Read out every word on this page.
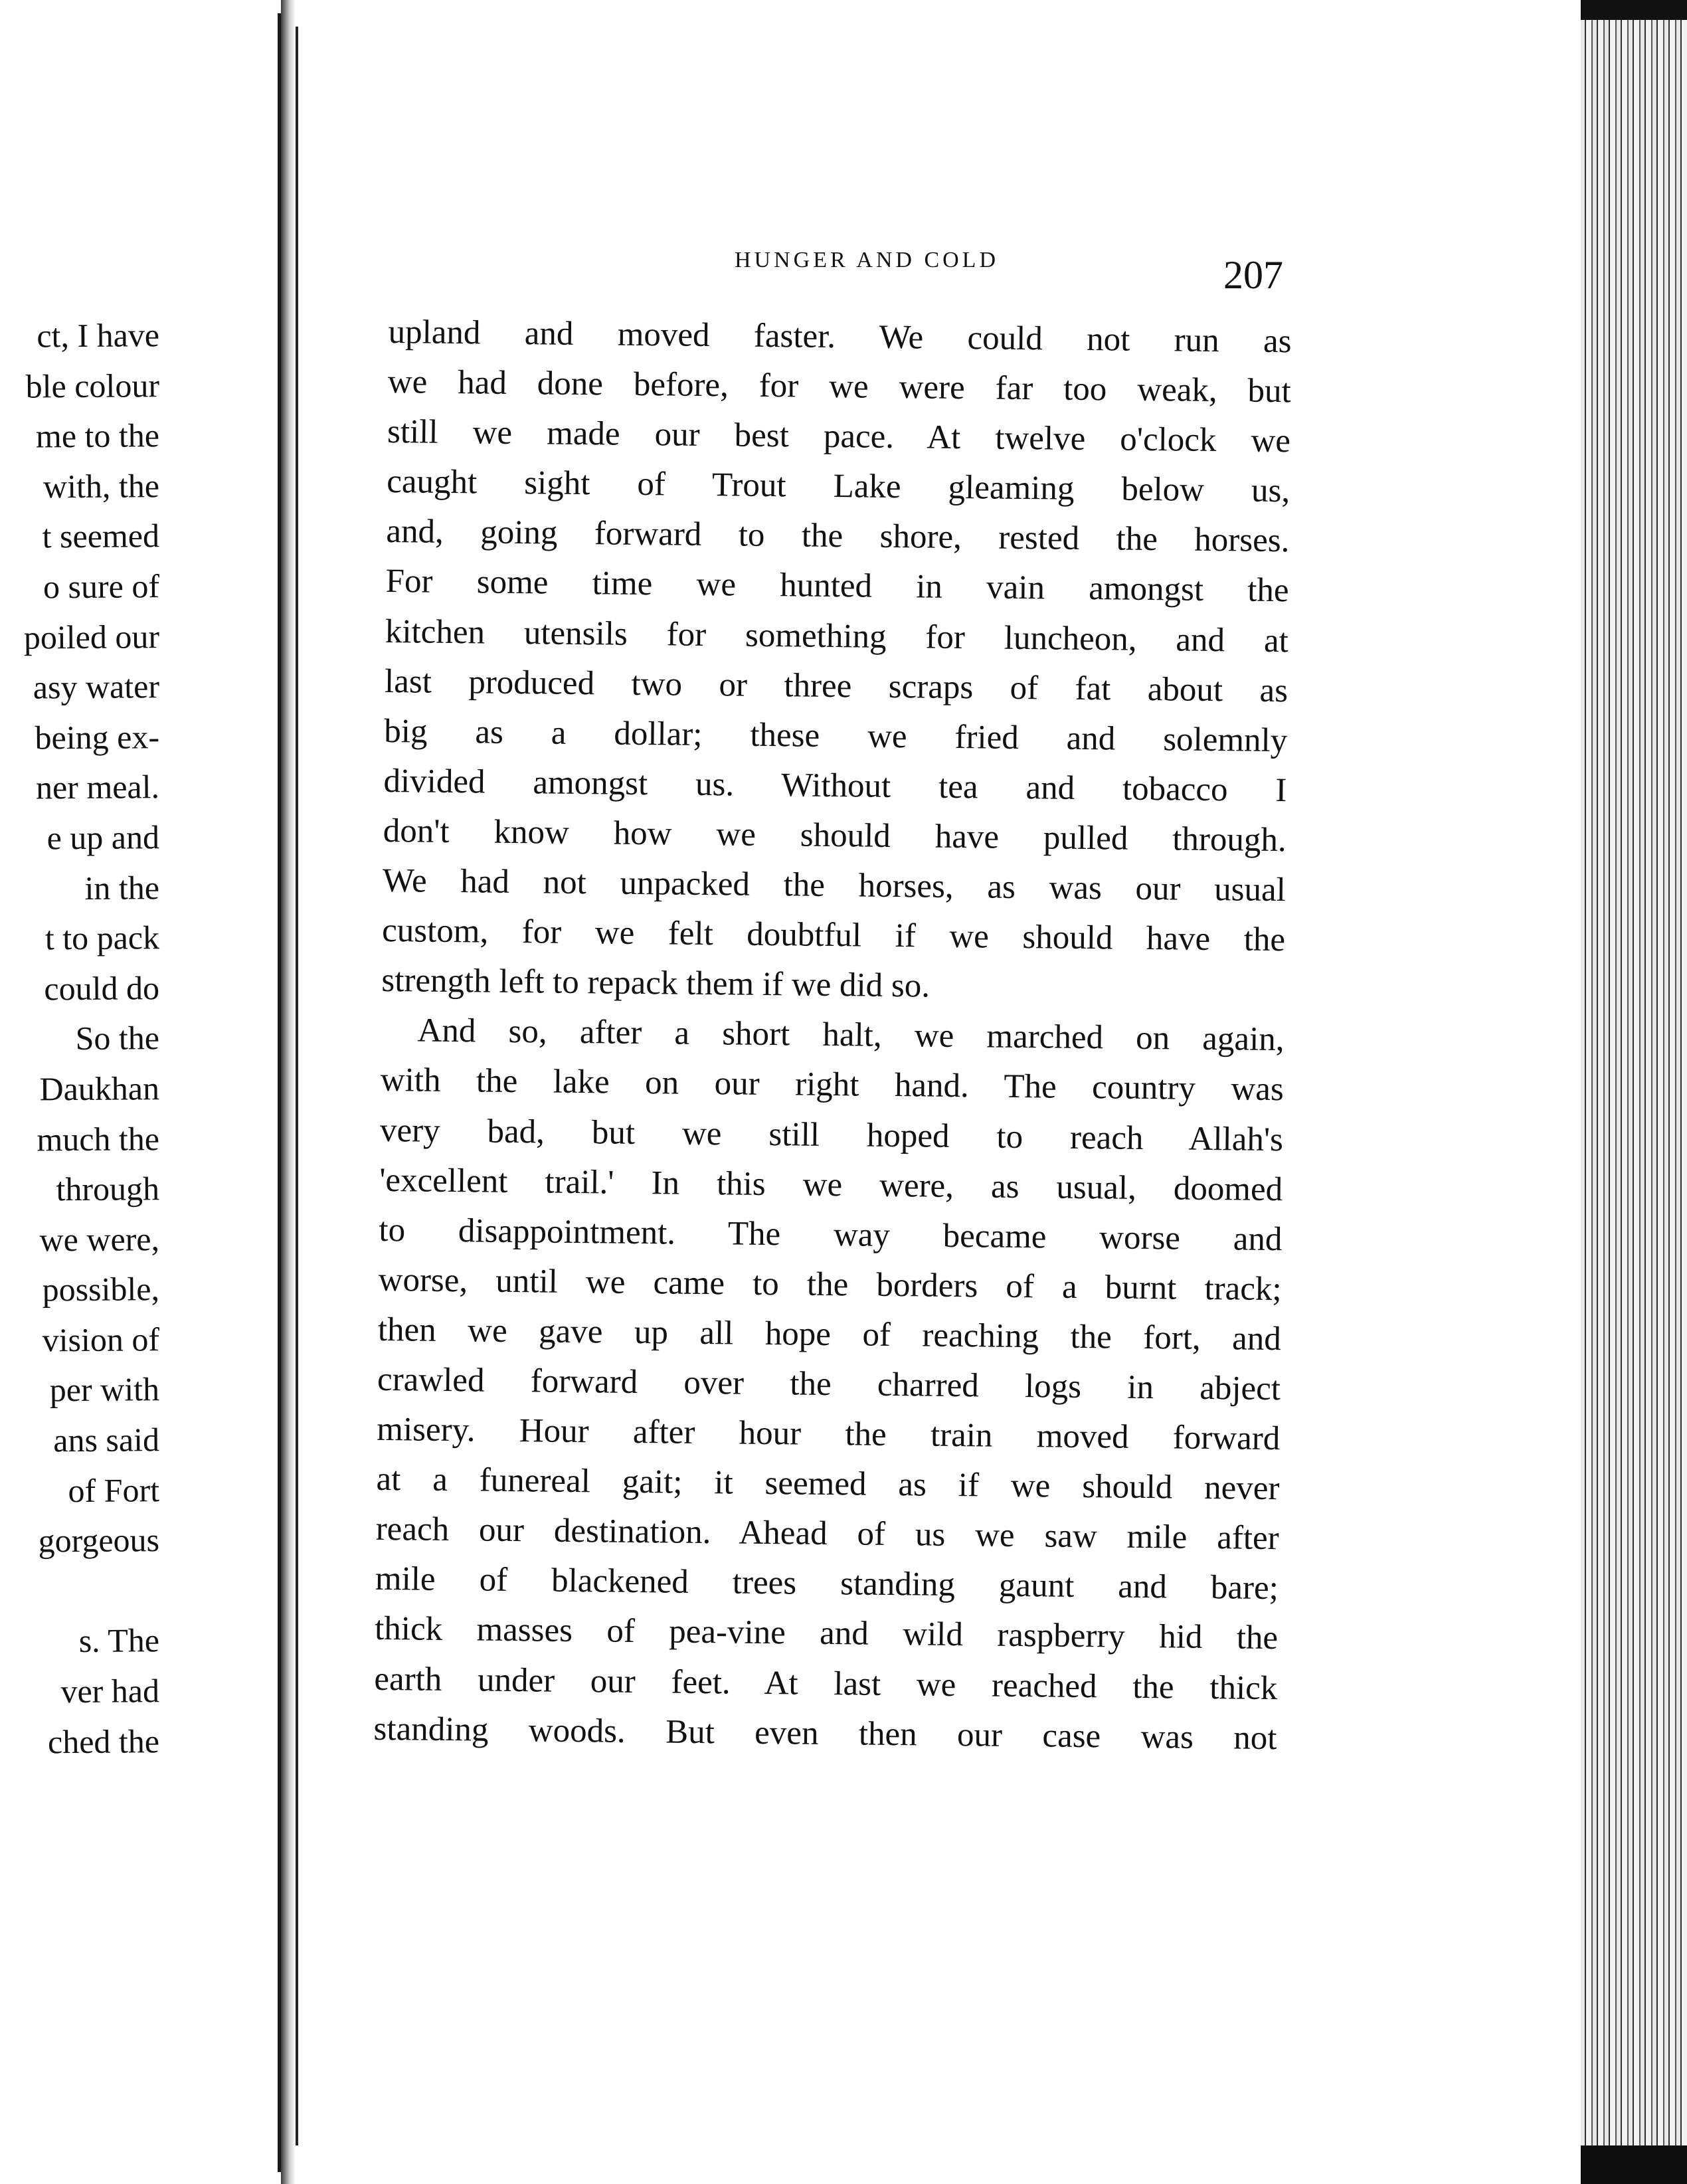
ct, I have
ble colour
me to the
with, the
t seemed
o sure of
poiled our
asy water
being ex-
ner meal.
e up and
in the
t to pack
could do
So the
Daukhan
much the
through
we were,
possible,
vision of
per with
ans said
of Fort
gorgeous

s. The
ver had
ched the
HUNGER AND COLD	207
upland and moved faster. We could not run as
we had done before, for we were far too weak, but
still we made our best pace. At twelve o'clock we
caught sight of Trout Lake gleaming below us,
and, going forward to the shore, rested the horses.
For some time we hunted in vain amongst the
kitchen utensils for something for luncheon, and at
last produced two or three scraps of fat about as
big as a dollar; these we fried and solemnly
divided amongst us. Without tea and tobacco I
don't know how we should have pulled through.
We had not unpacked the horses, as was our usual
custom, for we felt doubtful if we should have the
strength left to repack them if we did so.
And so, after a short halt, we marched on again,
with the lake on our right hand. The country was
very bad, but we still hoped to reach Allah's
'excellent trail.' In this we were, as usual, doomed
to disappointment. The way became worse and
worse, until we came to the borders of a burnt track;
then we gave up all hope of reaching the fort, and
crawled forward over the charred logs in abject
misery. Hour after hour the train moved forward
at a funereal gait; it seemed as if we should never
reach our destination. Ahead of us we saw mile after
mile of blackened trees standing gaunt and bare;
thick masses of pea-vine and wild raspberry hid the
earth under our feet. At last we reached the thick
standing woods. But even then our case was not
